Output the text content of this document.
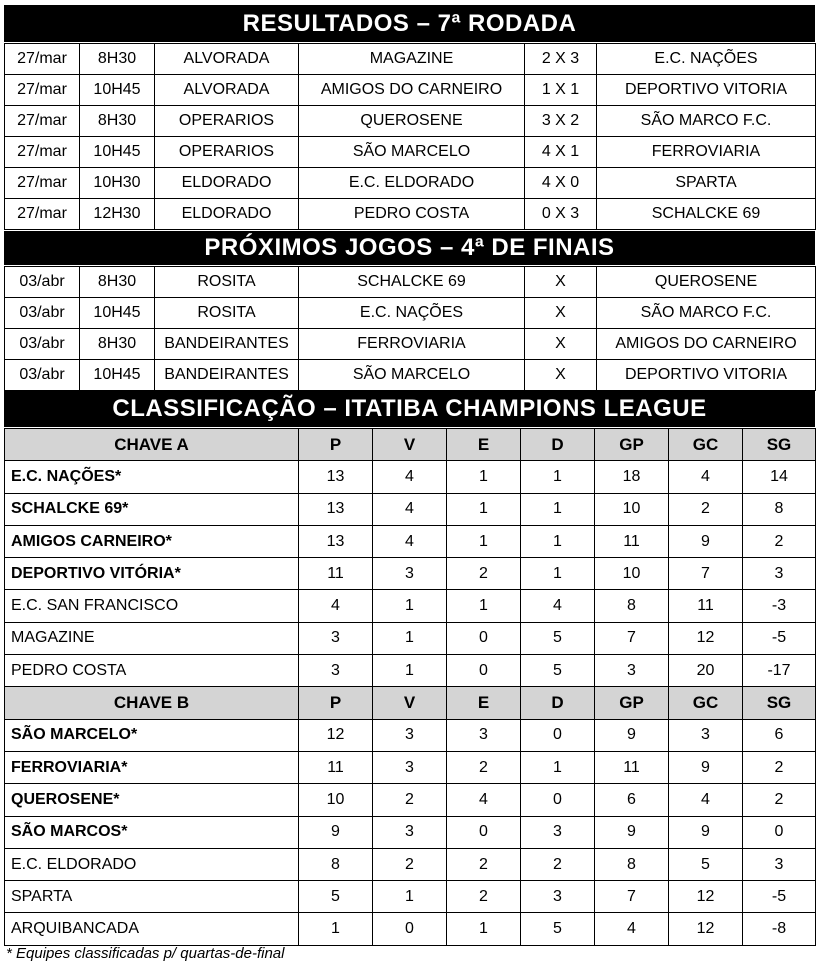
RESULTADOS – 7ª RODADA
27/mar	8H30	ALVORADA	MAGAZINE	2 X 3	E.C. NAÇÕES
27/mar	10H45	ALVORADA	AMIGOS DO CARNEIRO	1 X 1	DEPORTIVO VITORIA
27/mar	8H30	OPERARIOS	QUEROSENE	3 X 2	SÃO MARCO F.C.
27/mar	10H45	OPERARIOS	SÃO MARCELO	4 X 1	FERROVIARIA
27/mar	10H30	ELDORADO	E.C. ELDORADO	4 X 0	SPARTA
27/mar	12H30	ELDORADO	PEDRO COSTA	0 X 3	SCHALCKE 69
PRÓXIMOS JOGOS – 4ª DE FINAIS
03/abr	8H30	ROSITA	SCHALCKE 69	X	QUEROSENE
03/abr	10H45	ROSITA	E.C. NAÇÕES	X	SÃO MARCO F.C.
03/abr	8H30	BANDEIRANTES	FERROVIARIA	X	AMIGOS DO CARNEIRO
03/abr	10H45	BANDEIRANTES	SÃO MARCELO	X	DEPORTIVO VITORIA
CLASSIFICAÇÃO – ITATIBA CHAMPIONS LEAGUE
CHAVE A	P	V	E	D	GP	GC	SG
E.C. NAÇÕES*	13	4	1	1	18	4	14
SCHALCKE 69*	13	4	1	1	10	2	8
AMIGOS CARNEIRO*	13	4	1	1	11	9	2
DEPORTIVO VITÓRIA*	11	3	2	1	10	7	3
E.C. SAN FRANCISCO	4	1	1	4	8	11	-3
MAGAZINE	3	1	0	5	7	12	-5
PEDRO COSTA	3	1	0	5	3	20	-17
CHAVE B	P	V	E	D	GP	GC	SG
SÃO MARCELO*	12	3	3	0	9	3	6
FERROVIARIA*	11	3	2	1	11	9	2
QUEROSENE*	10	2	4	0	6	4	2
SÃO MARCOS*	9	3	0	3	9	9	0
E.C. ELDORADO	8	2	2	2	8	5	3
SPARTA	5	1	2	3	7	12	-5
ARQUIBANCADA	1	0	1	5	4	12	-8
* Equipes classificadas p/ quartas-de-final
